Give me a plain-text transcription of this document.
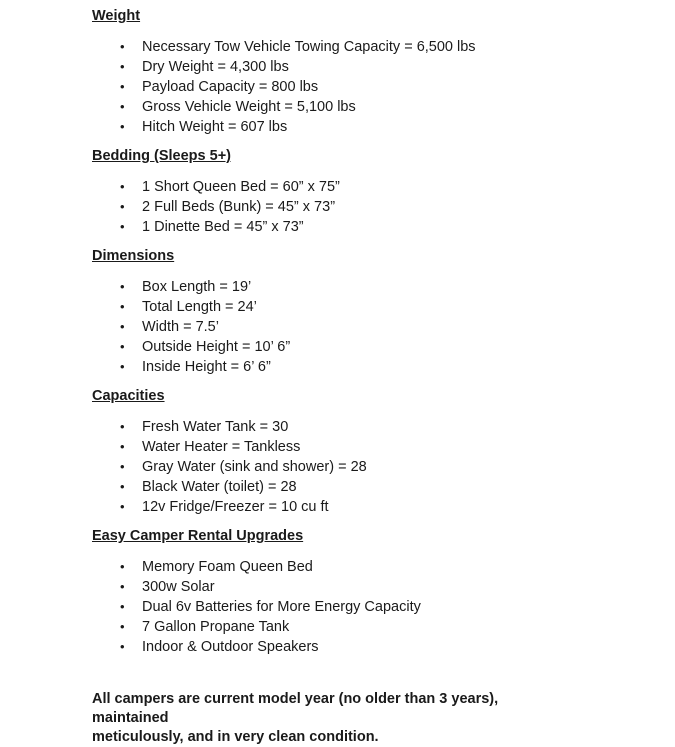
Weight
• Necessary Tow Vehicle Towing Capacity = 6,500 lbs
• Dry Weight = 4,300 lbs
• Payload Capacity = 800 lbs
• Gross Vehicle Weight = 5,100 lbs
• Hitch Weight = 607 lbs
Bedding (Sleeps 5+)
• 1 Short Queen Bed = 60” x 75”
• 2 Full Beds (Bunk) = 45” x 73”
• 1 Dinette Bed = 45” x 73”
Dimensions
• Box Length = 19’
• Total Length = 24’
• Width = 7.5’
• Outside Height = 10’ 6”
• Inside Height = 6’ 6”
Capacities
• Fresh Water Tank = 30
• Water Heater = Tankless
• Gray Water (sink and shower) = 28
• Black Water (toilet) = 28
• 12v Fridge/Freezer = 10 cu ft
Easy Camper Rental Upgrades
• Memory Foam Queen Bed
• 300w Solar
• Dual 6v Batteries for More Energy Capacity
• 7 Gallon Propane Tank
• Indoor & Outdoor Speakers

All campers are current model year (no older than 3 years), maintained
meticulously, and in very clean condition.
